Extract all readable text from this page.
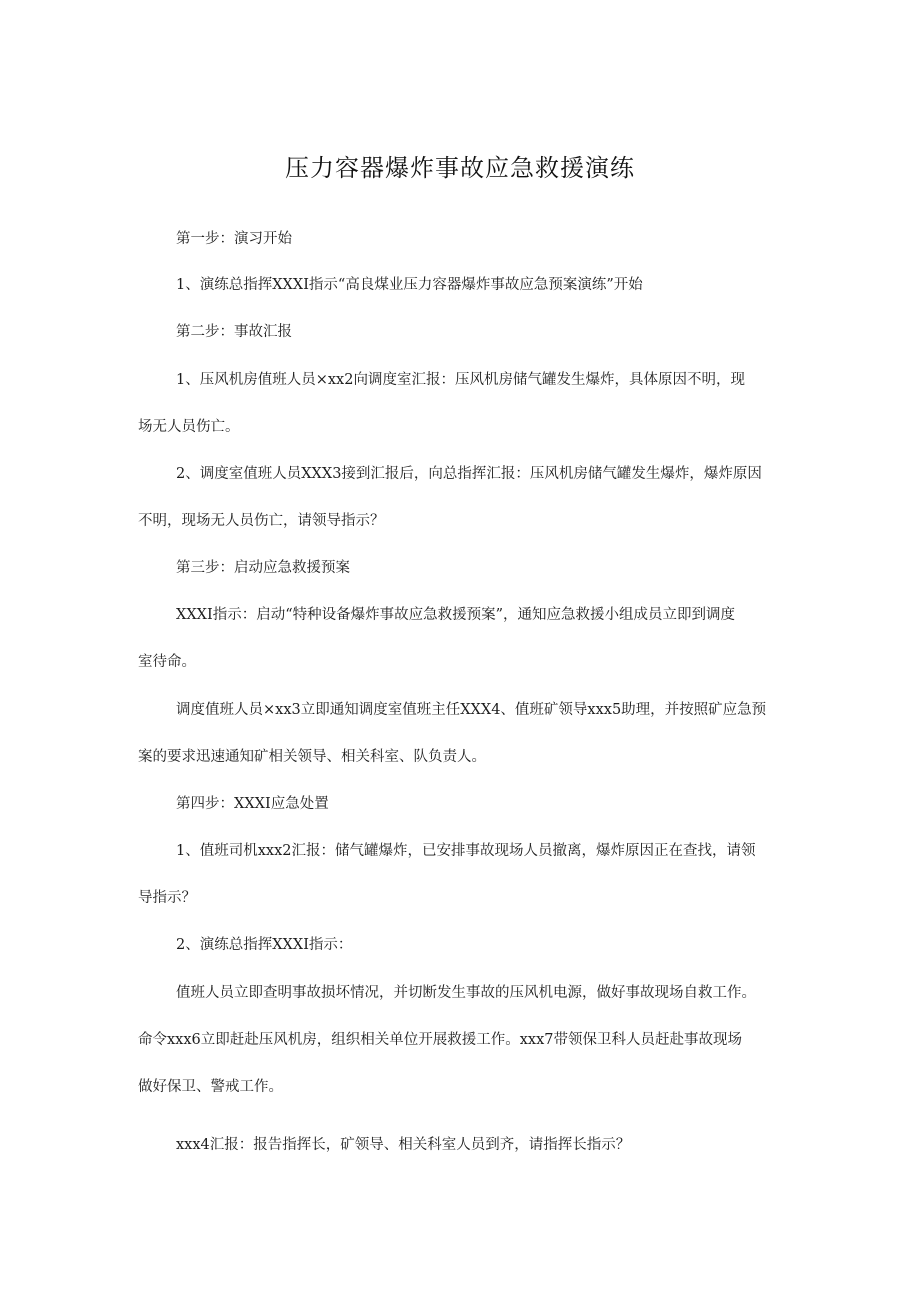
压力容器爆炸事故应急救援演练

第一步：演习开始

1、演练总指挥XXXI指示“高良煤业压力容器爆炸事故应急预案演练”开始

第二步：事故汇报

1、压风机房值班人员×xx2向调度室汇报：压风机房储气罐发生爆炸，具体原因不明，现

场无人员伤亡。

2、调度室值班人员XXX3接到汇报后，向总指挥汇报：压风机房储气罐发生爆炸，爆炸原因

不明，现场无人员伤亡，请领导指示？

第三步：启动应急救援预案

XXXI指示：启动“特种设备爆炸事故应急救援预案”，通知应急救援小组成员立即到调度

室待命。

调度值班人员×xx3立即通知调度室值班主任XXX4、值班矿领导xxx5助理，并按照矿应急预

案的要求迅速通知矿相关领导、相关科室、队负责人。

第四步：XXXI应急处置

1、值班司机xxx2汇报：储气罐爆炸，已安排事故现场人员撤离，爆炸原因正在查找，请领

导指示？

2、演练总指挥XXXI指示：

值班人员立即查明事故损坏情况，并切断发生事故的压风机电源，做好事故现场自救工作。

命令xxx6立即赶赴压风机房，组织相关单位开展救援工作。xxx7带领保卫科人员赶赴事故现场

做好保卫、警戒工作。

xxx4汇报：报告指挥长，矿领导、相关科室人员到齐，请指挥长指示？
